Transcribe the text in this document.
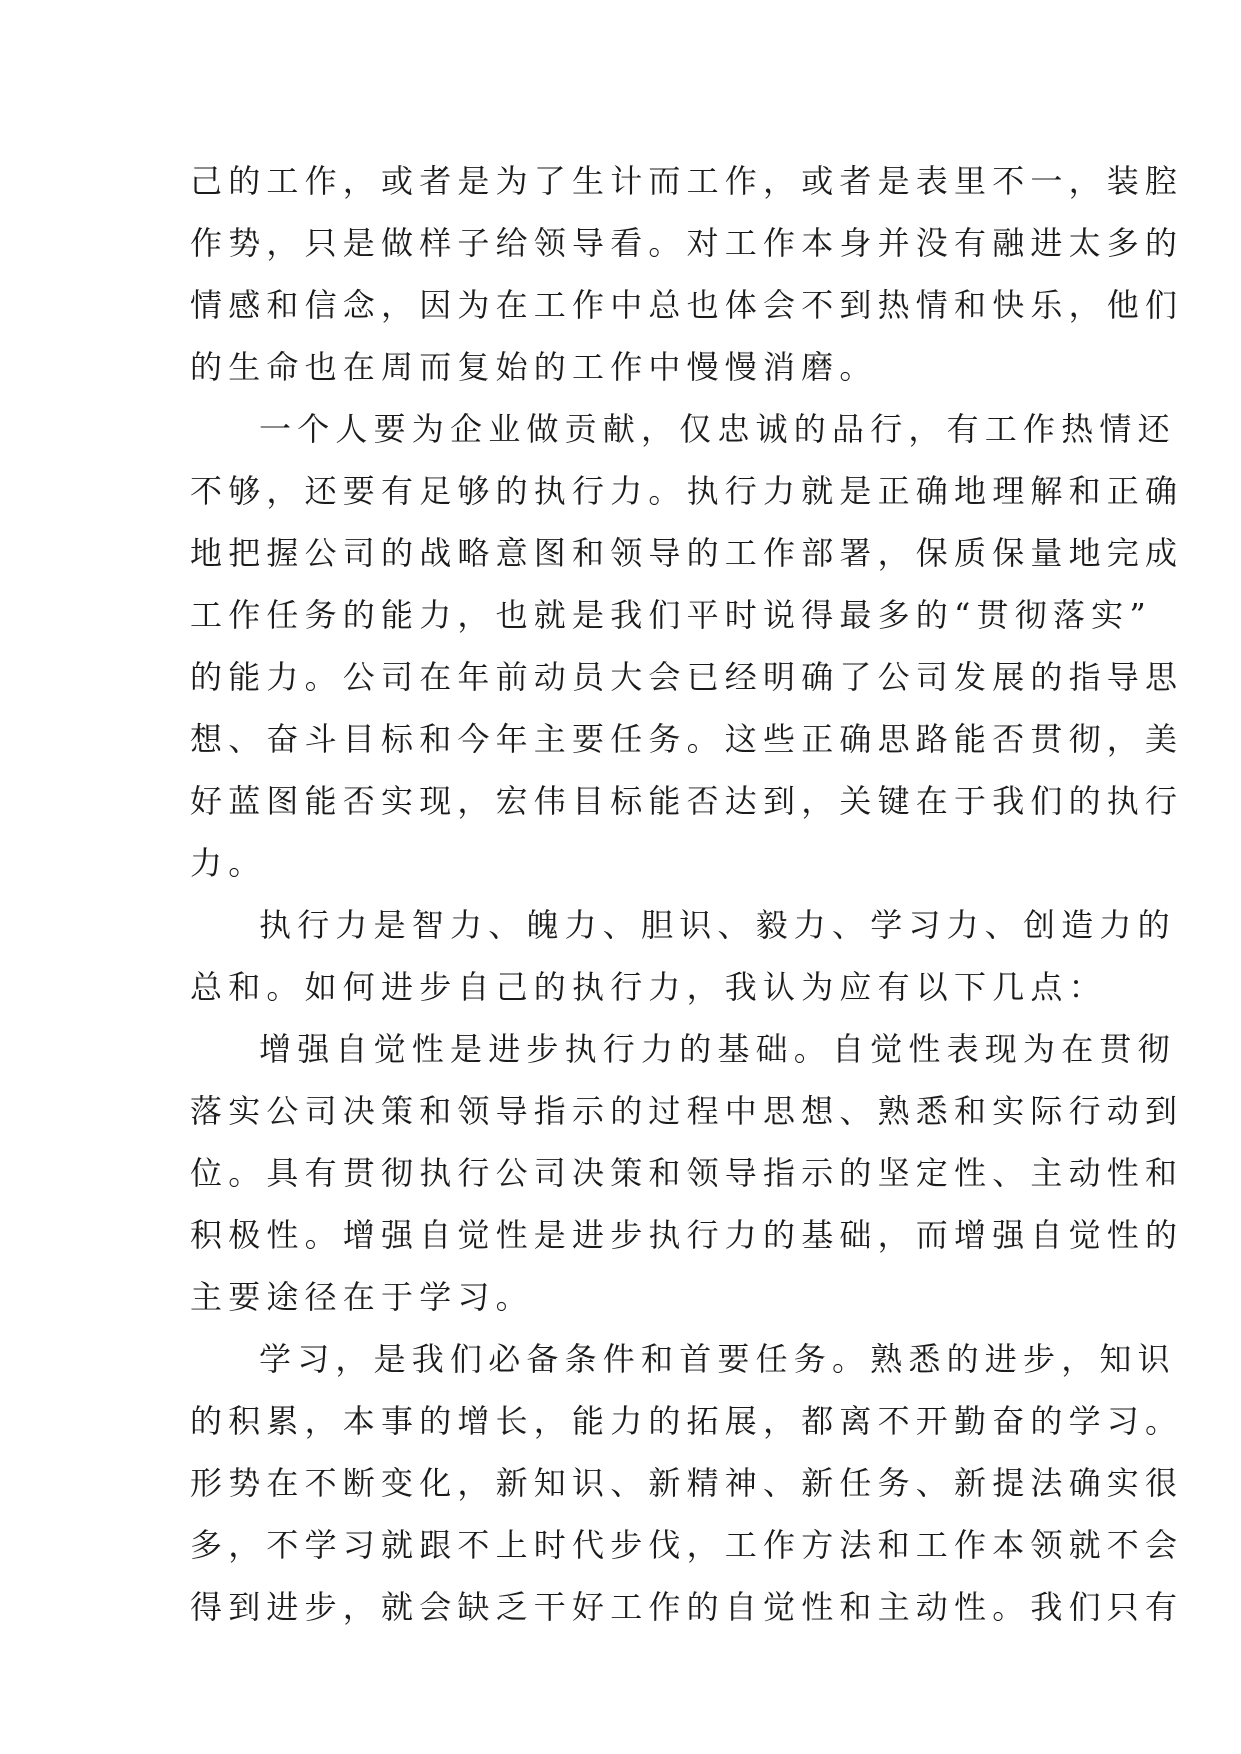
己的工作，或者是为了生计而工作，或者是表里不一，装腔
作势，只是做样子给领导看。对工作本身并没有融进太多的
情感和信念，因为在工作中总也体会不到热情和快乐，他们
的生命也在周而复始的工作中慢慢消磨。

一个人要为企业做贡献，仅忠诚的品行，有工作热情还
不够，还要有足够的执行力。执行力就是正确地理解和正确
地把握公司的战略意图和领导的工作部署，保质保量地完成
工作任务的能力，也就是我们平时说得最多的“贯彻落实”
的能力。公司在年前动员大会已经明确了公司发展的指导思
想、奋斗目标和今年主要任务。这些正确思路能否贯彻，美
好蓝图能否实现，宏伟目标能否达到，关键在于我们的执行
力。

执行力是智力、魄力、胆识、毅力、学习力、创造力的
总和。如何进步自己的执行力，我认为应有以下几点：

增强自觉性是进步执行力的基础。自觉性表现为在贯彻
落实公司决策和领导指示的过程中思想、熟悉和实际行动到
位。具有贯彻执行公司决策和领导指示的坚定性、主动性和
积极性。增强自觉性是进步执行力的基础，而增强自觉性的
主要途径在于学习。

学习，是我们必备条件和首要任务。熟悉的进步，知识
的积累，本事的增长，能力的拓展，都离不开勤奋的学习。
形势在不断变化，新知识、新精神、新任务、新提法确实很
多，不学习就跟不上时代步伐，工作方法和工作本领就不会
得到进步，就会缺乏干好工作的自觉性和主动性。我们只有
